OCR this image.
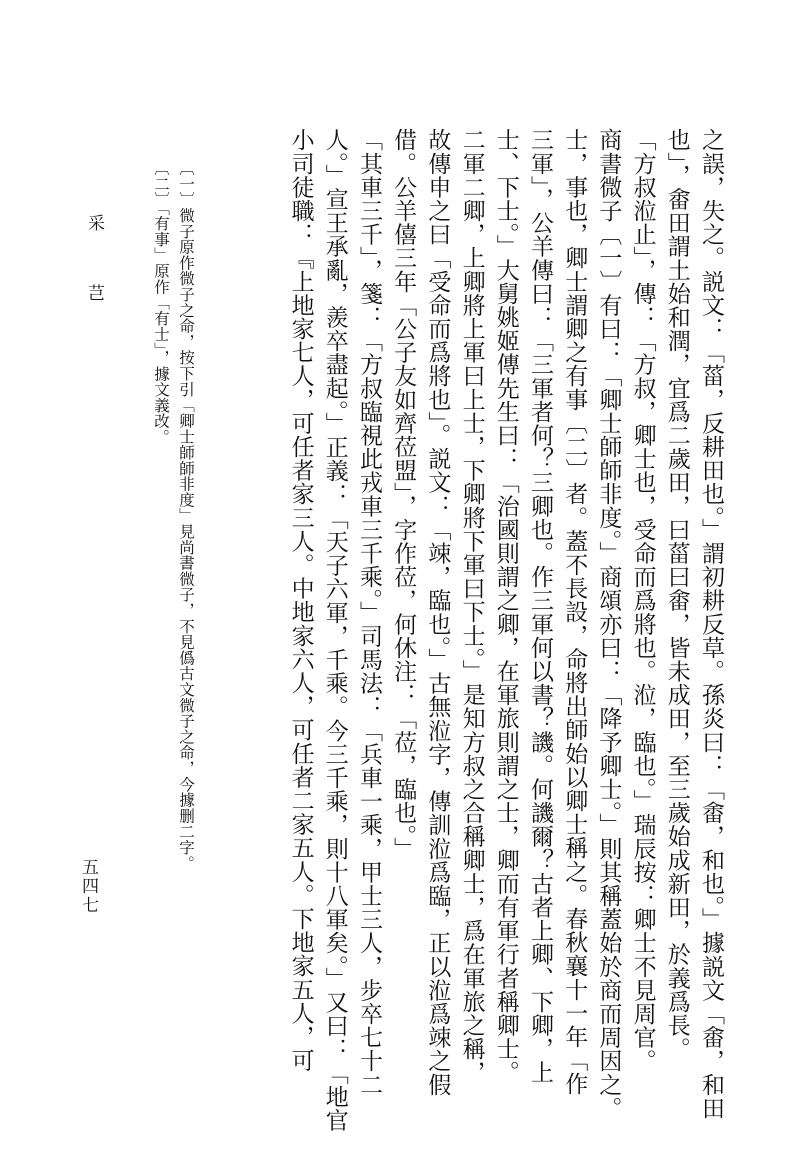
之誤，失之。説文：「菑，反耕田也。」謂初耕反草。孫炎曰：「畬，和也。」據説文「畬，和田
也」，畬田謂土始和潤，宜爲二歲田，曰菑曰畬，皆未成田，至三歲始成新田，於義爲長。
「方叔涖止」，傳：「方叔，卿士也，受命而爲將也。涖，臨也。」瑞辰按：卿士不見周官。
商書微子〔一〕有曰：「卿士師師非度。」商頌亦曰：「降予卿士。」則其稱蓋始於商而周因之。
士，事也，卿士謂卿之有事〔二〕者。蓋不長設，命將出師始以卿士稱之。春秋襄十一年「作
三軍」，公羊傳曰：「三軍者何？三卿也。作三軍何以書？譏。何譏爾？古者上卿、下卿，上
士、下士。」大舅姚姬傳先生曰：「治國則謂之卿，在軍旅則謂之士，卿而有軍行者稱卿士。
二軍二卿，上卿將上軍曰上士，下卿將下軍曰下士。」是知方叔之合稱卿士，爲在軍旅之稱，
故傳申之曰「受命而爲將也」。説文：「竦，臨也。」古無涖字，傳訓涖爲臨，正以涖爲竦之假
借。公羊僖三年「公子友如齊莅盟」，字作莅，何休注：「莅，臨也。」
「其車三千」，箋：「方叔臨視此戎車三千乘。」司馬法：「兵車一乘，甲士三人，步卒七十二
人。」宣王承亂，羨卒盡起。」正義：「天子六軍，千乘。今三千乘，則十八軍矣。」又曰：「地官
小司徒職：『上地家七人，可任者家三人。中地家六人，可任者二家五人。下地家五人，可
〔一〕微子原作微子之命，按下引「卿士師師非度」見尚書微子，不見僞古文微子之命，今據删二字。
〔二〕「有事」原作「有士」，據文義改。
采　芑
五四七
